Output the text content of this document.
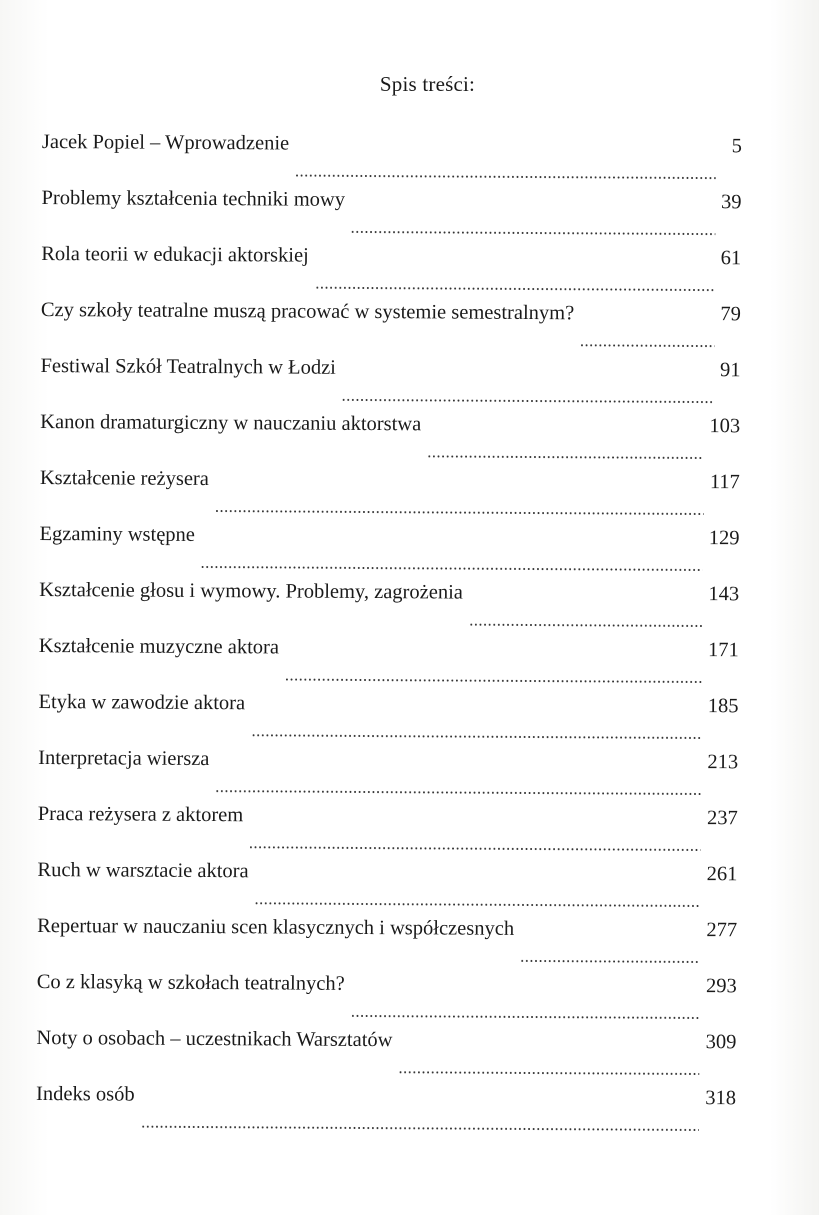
Spis treści:
Jacek Popiel – Wprowadzenie	5
Problemy kształcenia techniki mowy	39
Rola teorii w edukacji aktorskiej	61
Czy szkoły teatralne muszą pracować w systemie semestralnym?	79
Festiwal Szkół Teatralnych w Łodzi	91
Kanon dramaturgiczny w nauczaniu aktorstwa	103
Kształcenie reżysera	117
Egzaminy wstępne	129
Kształcenie głosu i wymowy. Problemy, zagrożenia	143
Kształcenie muzyczne aktora	171
Etyka w zawodzie aktora	185
Interpretacja wiersza	213
Praca reżysera z aktorem	237
Ruch w warsztacie aktora	261
Repertuar w nauczaniu scen klasycznych i współczesnych	277
Co z klasyką w szkołach teatralnych?	293
Noty o osobach – uczestnikach Warsztatów	309
Indeks osób	318
